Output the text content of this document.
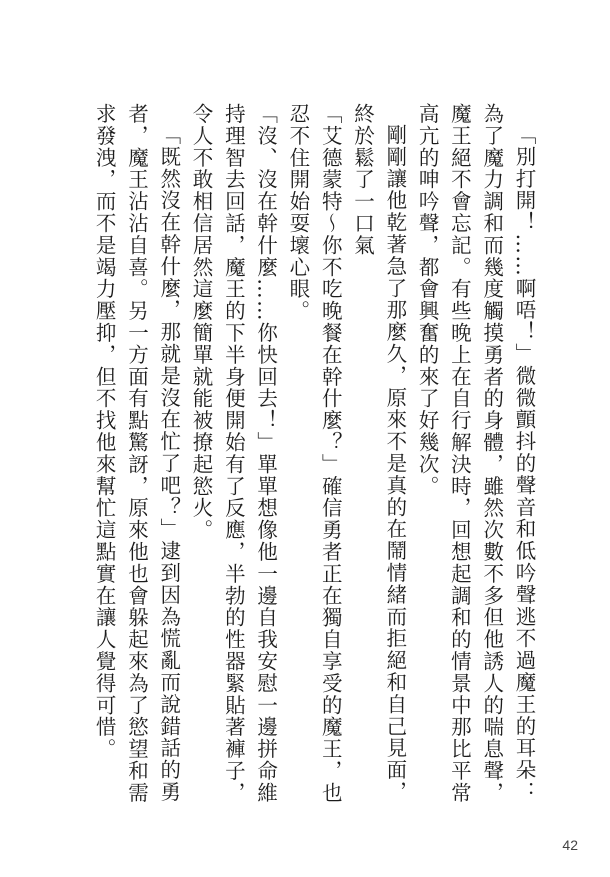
「別打開！……啊唔！」微微顫抖的聲音和低吟聲逃不過魔王的耳朵：為了魔力調和而幾度觸摸勇者的身體，雖然次數不多但他誘人的喘息聲，魔王絕不會忘記。有些晚上在自行解決時，回想起調和的情景中那比平常高亢的呻吟聲，都會興奮的來了好幾次。

剛剛讓他乾著急了那麼久，原來不是真的在鬧情緒而拒絕和自己見面，終於鬆了一口氣

「艾德蒙特～你不吃晚餐在幹什麼？」確信勇者正在獨自享受的魔王，也忍不住開始耍壞心眼。

「沒、沒在幹什麼……你快回去！」單單想像他一邊自我安慰一邊拼命維持理智去回話，魔王的下半身便開始有了反應，半勃的性器緊貼著褲子，令人不敢相信居然這麼簡單就能被撩起慾火。

「既然沒在幹什麼，那就是沒在忙了吧？」逮到因為慌亂而說錯話的勇者，魔王沾沾自喜。另一方面有點驚訝，原來他也會躲起來為了慾望和需求發洩，而不是竭力壓抑，但不找他來幫忙這點實在讓人覺得可惜。

42
